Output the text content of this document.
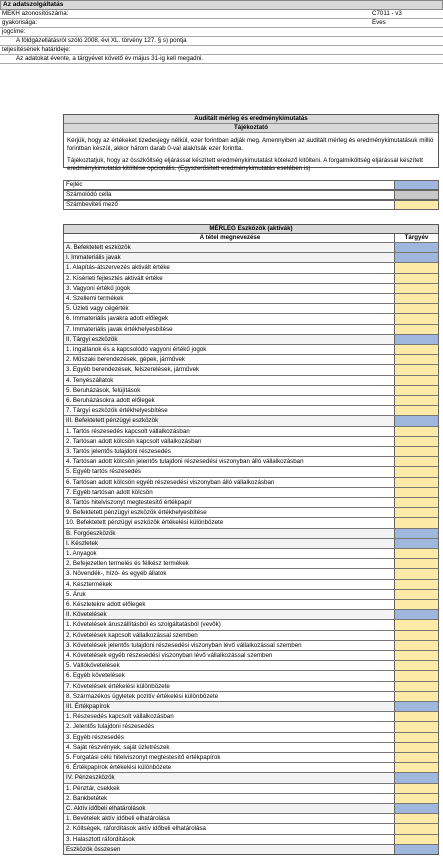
Az adatszolgáltatás
MEKH azonosítószáma:	C7011 - v3
gyakorisága:	Éves
jogcíme:
A földgázellátásról szóló 2008. évi XL. törvény 127. § s) pontja
teljesítésének határideje:
Az adatokat évente, a tárgyévet követő év május 31-ig kell megadni.
Auditált mérleg és eredménykimutatás
Tájékoztató
Kérjük, hogy az értékeket tizedesjegy nélkül, ezer forintban adják meg. Amennyiben az auditált mérleg és eredménykimutatásuk millió forintban készül, akkor három darab 0-val alakítsák ezer forintta.
Tájékoztatjuk, hogy az összköltség eljárással készített eredménykimutatást kötelező kitölteni. A forgalmiköltség eljárással készített eredménykimutatás kitöltése opcionális. (Egyszerűsített eredménykimutatás esetében is)
Fejléc
Számolódó cella
Számbeviteli mező
MÉRLEG Eszközök (aktívák)
A tétel megnevezése	Tárgyév
A. Befektetett eszközök
I. Immateriális javak
1. Alapítás-átszervezés aktivált értéke
2. Kísérleti fejlesztés aktivált értéke
3. Vagyoni értékű jogok
4. Szellemi termékek
5. Üzleti vagy cégérték
6. Immateriális javakra adott előlegek
7. Immateriális javak értékhelyesbítése
II. Tárgyi eszközök
1. Ingatlanok és a kapcsolódó vagyoni értékű jogok
2. Műszaki berendezések, gépek, járművek
3. Egyéb berendezések, felszerelések, járművek
4. Tenyészállatok
5. Beruházások, felújítások
6. Beruházásokra adott előlegek
7. Tárgyi eszközök értékhelyesbítése
III. Befektetett pénzügyi eszközök
1. Tartós részesedés kapcsolt vállalkozásban
2. Tartósan adott kölcsön kapcsolt vállalkozásban
3. Tartós jelentős tulajdoni részesedés
4. Tartósan adott kölcsön jelentős tulajdoni részesedési viszonyban álló vállalkozásban
5. Egyéb tartós részesedés
6. Tartósan adott kölcsön egyéb részesedési viszonyban álló vállalkozásban
7. Egyéb tartósan adott kölcsön
8. Tartós hitelviszonyt megtestesítő értékpapír
9. Befektetett pénzügyi eszközök értékhelyesbítése
10. Befektetett pénzügyi eszközök értékelési különbözete
B. Forgóeszközök
I. Készletek
1. Anyagok
2. Befejezetlen termelés és félkész termékek
3. Növendék-, hízó- és egyéb állatok
4. Késztermékek
5. Áruk
6. Készletekre adott előlegek
II. Követelések
1. Követelések áruszállításból és szolgáltatásból (vevők)
2. Követelések kapcsolt vállalkozással szemben
3. Követelések jelentős tulajdoni részesedési viszonyban lévő vállalkozással szemben
4. Követelések egyéb részesedési viszonyban lévő vállalkozással szemben
5. Váltókövetelések
6. Egyéb követelések
7. Követelések értékelési különbözete
8. Származékos ügyletek pozitív értékelési különbözete
III. Értékpapírok
1. Részesedés kapcsolt vállalkozásban
2. Jelentős tulajdoni részesedés
3. Egyéb részesedés
4. Saját részvények, saját üzletrészek
5. Forgatási célú hitelviszonyt megtestesítő értékpapírok
6. Értékpapírok értékelési különbözete
IV. Pénzeszközök
1. Pénztár, csekkek
2. Bankbetétek
C. Aktív időbeli elhatárolások
1. Bevételek aktív időbeli elhatárolása
2. Költségek, ráfordítások aktív időbeli elhatárolása
3. Halasztott ráfordítások
Eszközök összesen
